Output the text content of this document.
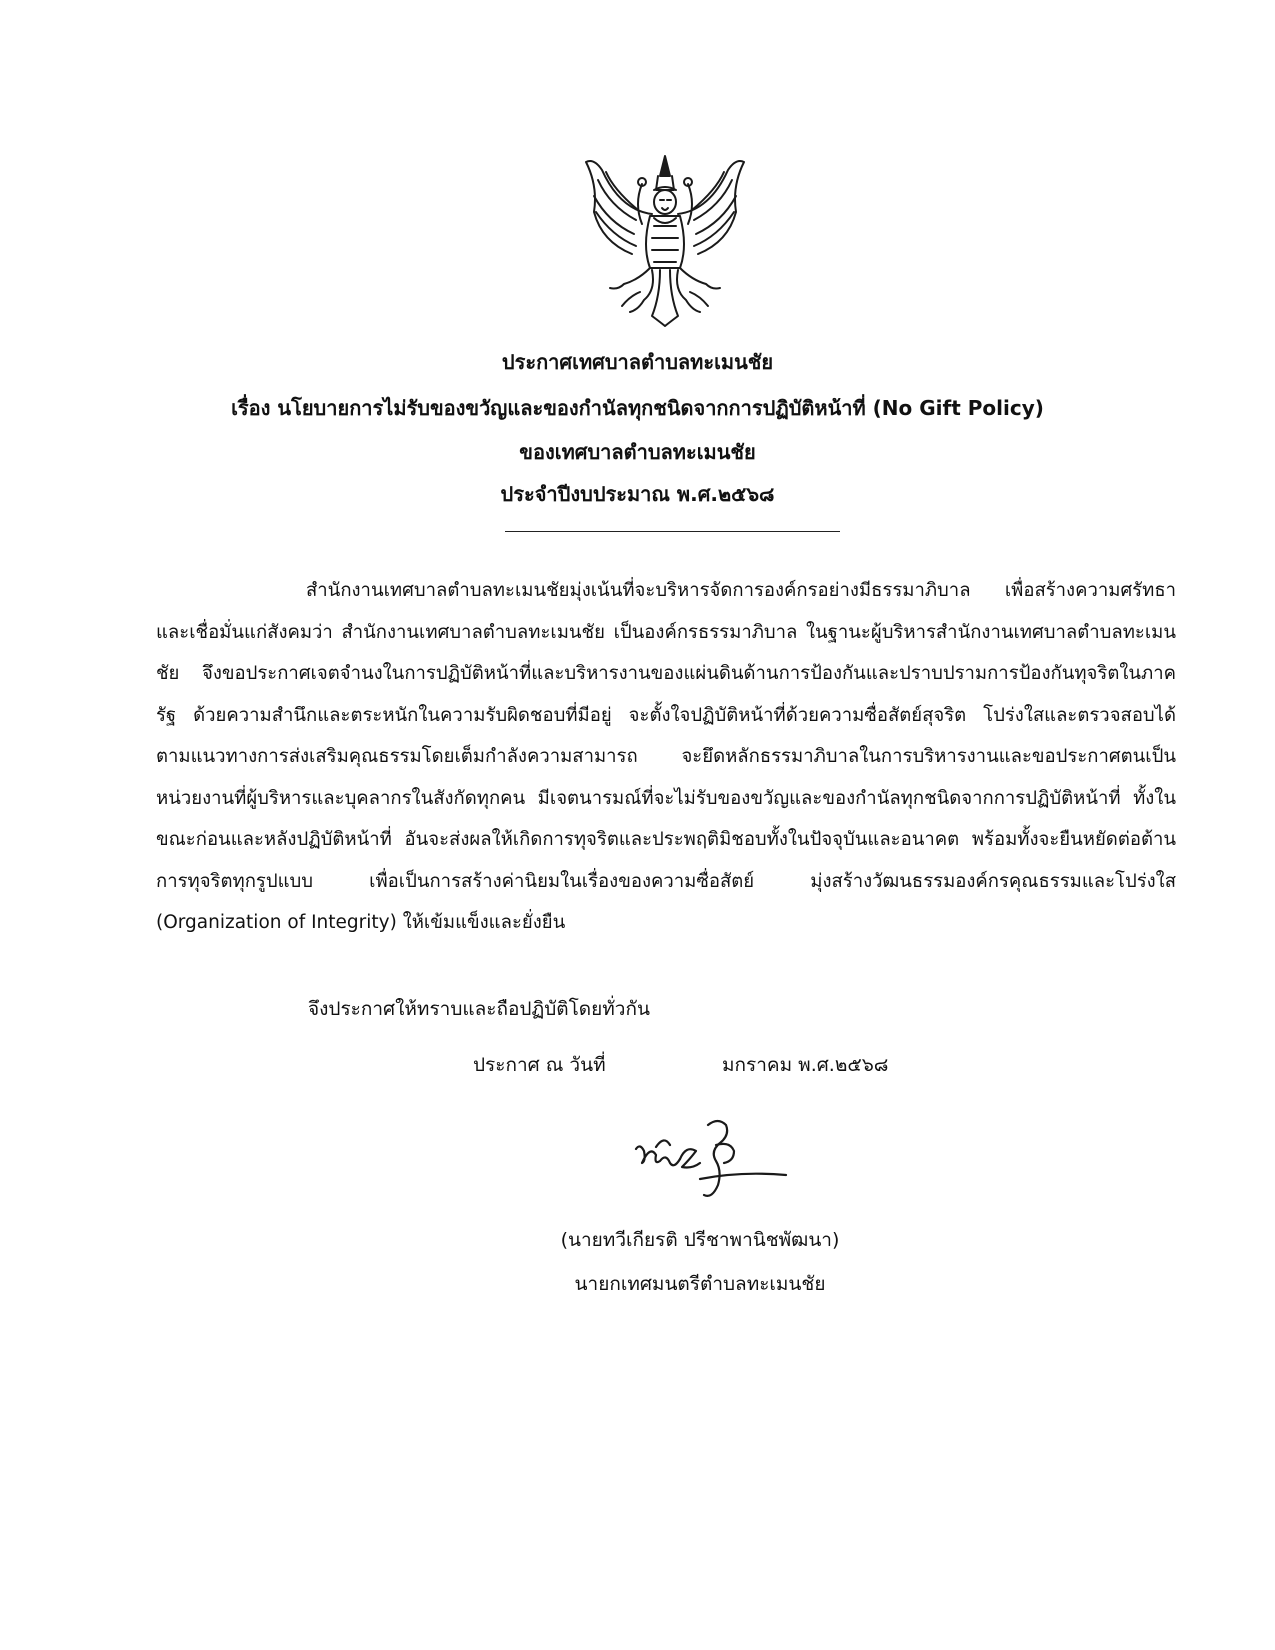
ประกาศเทศบาลตำบลทะเมนชัย
เรื่อง นโยบายการไม่รับของขวัญและของกำนัลทุกชนิดจากการปฏิบัติหน้าที่ (No Gift Policy)
ของเทศบาลตำบลทะเมนชัย
ประจำปีงบประมาณ พ.ศ.๒๕๖๘

สำนักงานเทศบาลตำบลทะเมนชัยมุ่งเน้นที่จะบริหารจัดการองค์กรอย่างมีธรรมาภิบาล เพื่อสร้างความศรัทธาและเชื่อมั่นแก่สังคมว่า สำนักงานเทศบาลตำบลทะเมนชัย เป็นองค์กรธรรมาภิบาล ในฐานะผู้บริหารสำนักงานเทศบาลตำบลทะเมนชัย จึงขอประกาศเจตจำนงในการปฏิบัติหน้าที่และบริหารงานของแผ่นดินด้านการป้องกันและปราบปรามการป้องกันทุจริตในภาครัฐ ด้วยความสำนึกและตระหนักในความรับผิดชอบที่มีอยู่ จะตั้งใจปฏิบัติหน้าที่ด้วยความซื่อสัตย์สุจริต โปร่งใสและตรวจสอบได้ตามแนวทางการส่งเสริมคุณธรรมโดยเต็มกำลังความสามารถ จะยึดหลักธรรมาภิบาลในการบริหารงานและขอประกาศตนเป็นหน่วยงานที่ผู้บริหารและบุคลากรในสังกัดทุกคน มีเจตนารมณ์ที่จะไม่รับของขวัญและของกำนัลทุกชนิดจากการปฏิบัติหน้าที่ ทั้งในขณะก่อนและหลังปฏิบัติหน้าที่ อันจะส่งผลให้เกิดการทุจริตและประพฤติมิชอบทั้งในปัจจุบันและอนาคต พร้อมทั้งจะยืนหยัดต่อต้านการทุจริตทุกรูปแบบ เพื่อเป็นการสร้างค่านิยมในเรื่องของความซื่อสัตย์ มุ่งสร้างวัฒนธรรมองค์กรคุณธรรมและโปร่งใส (Organization of Integrity) ให้เข้มแข็งและยั่งยืน

จึงประกาศให้ทราบและถือปฏิบัติโดยทั่วกัน
ประกาศ ณ วันที่	มกราคม พ.ศ.๒๕๖๘
(นายทวีเกียรติ ปรีชาพานิชพัฒนา)
นายกเทศมนตรีตำบลทะเมนชัย
